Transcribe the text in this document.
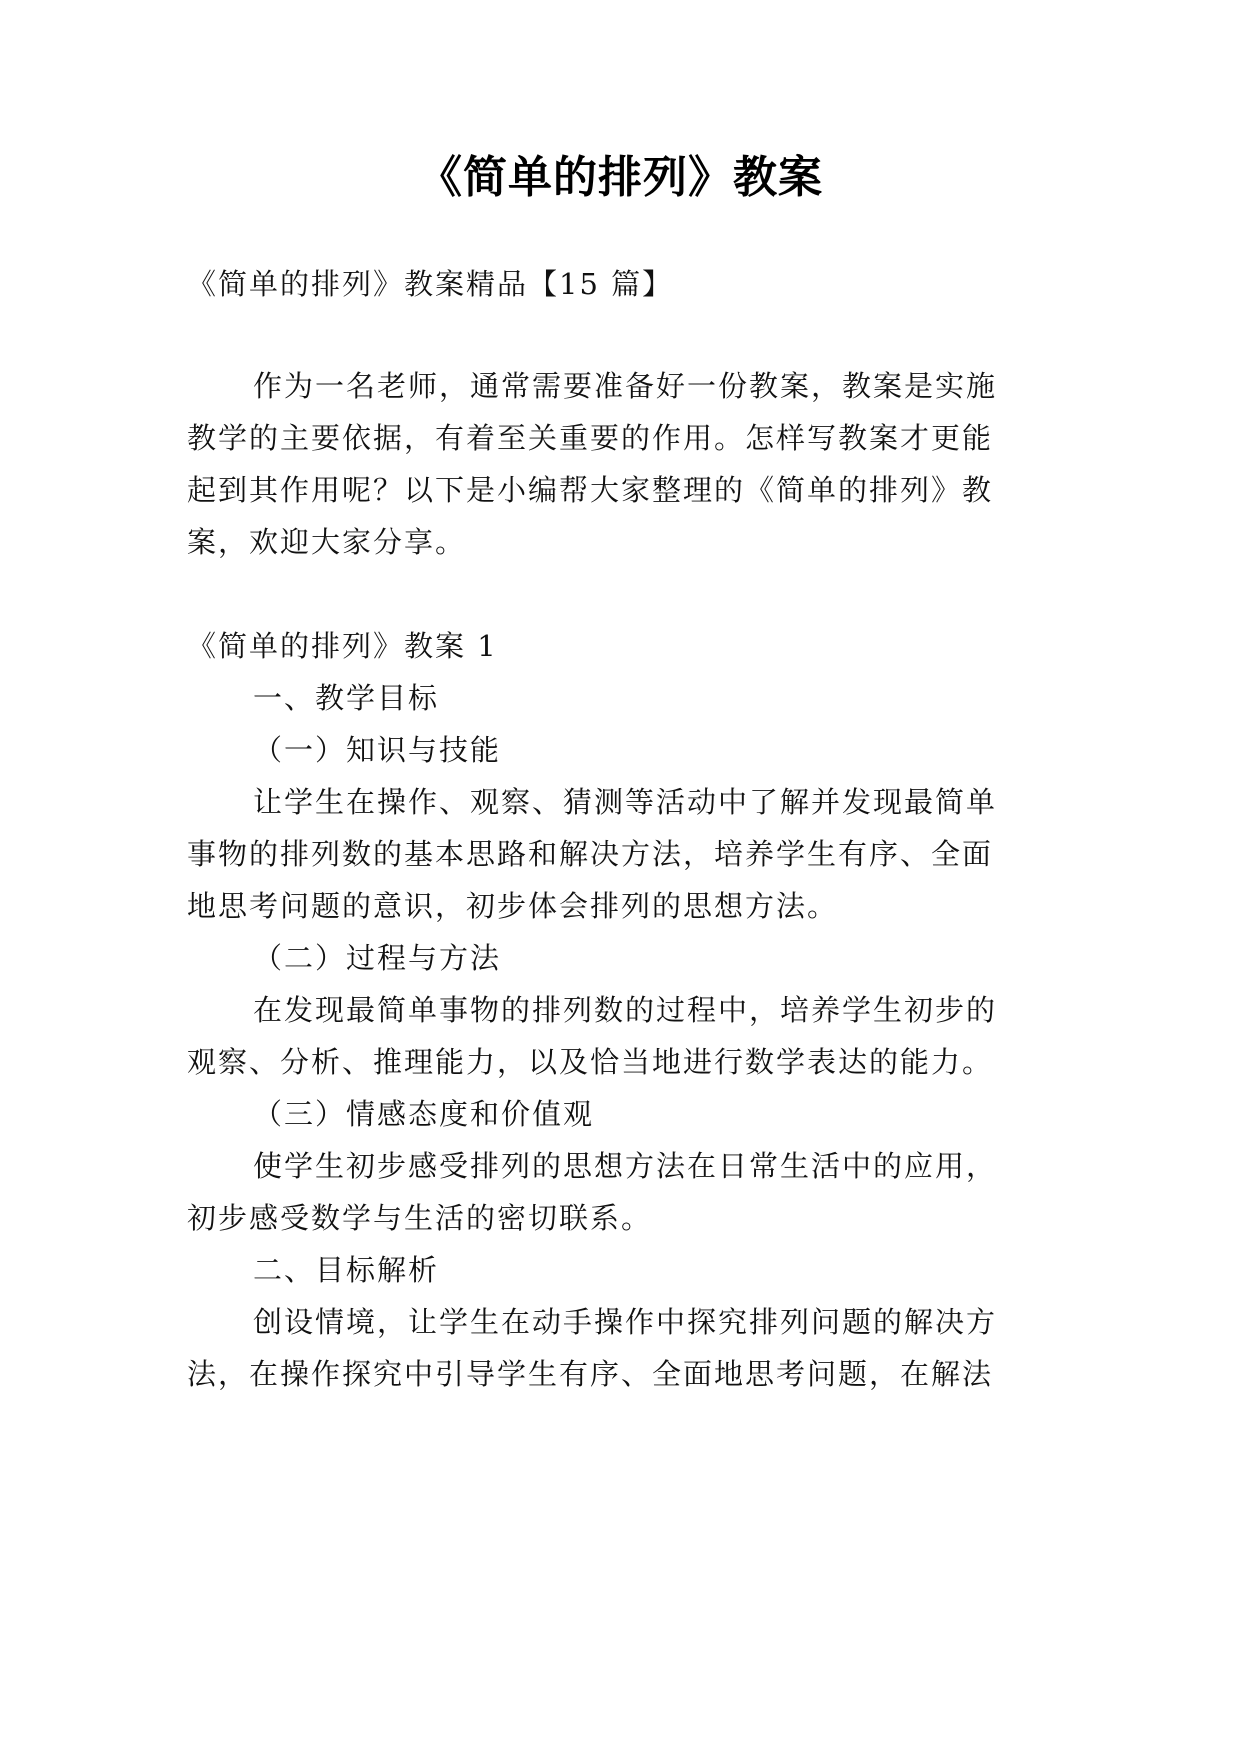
《简单的排列》教案
《简单的排列》教案精品【15 篇】
作为一名老师，通常需要准备好一份教案，教案是实施
教学的主要依据，有着至关重要的作用。怎样写教案才更能
起到其作用呢？以下是小编帮大家整理的《简单的排列》教
案，欢迎大家分享。
《简单的排列》教案 1
一、教学目标
（一）知识与技能
让学生在操作、观察、猜测等活动中了解并发现最简单
事物的排列数的基本思路和解决方法，培养学生有序、全面
地思考问题的意识，初步体会排列的思想方法。
（二）过程与方法
在发现最简单事物的排列数的过程中，培养学生初步的
观察、分析、推理能力，以及恰当地进行数学表达的能力。
（三）情感态度和价值观
使学生初步感受排列的思想方法在日常生活中的应用，
初步感受数学与生活的密切联系。
二、目标解析
创设情境，让学生在动手操作中探究排列问题的解决方
法，在操作探究中引导学生有序、全面地思考问题，在解法
